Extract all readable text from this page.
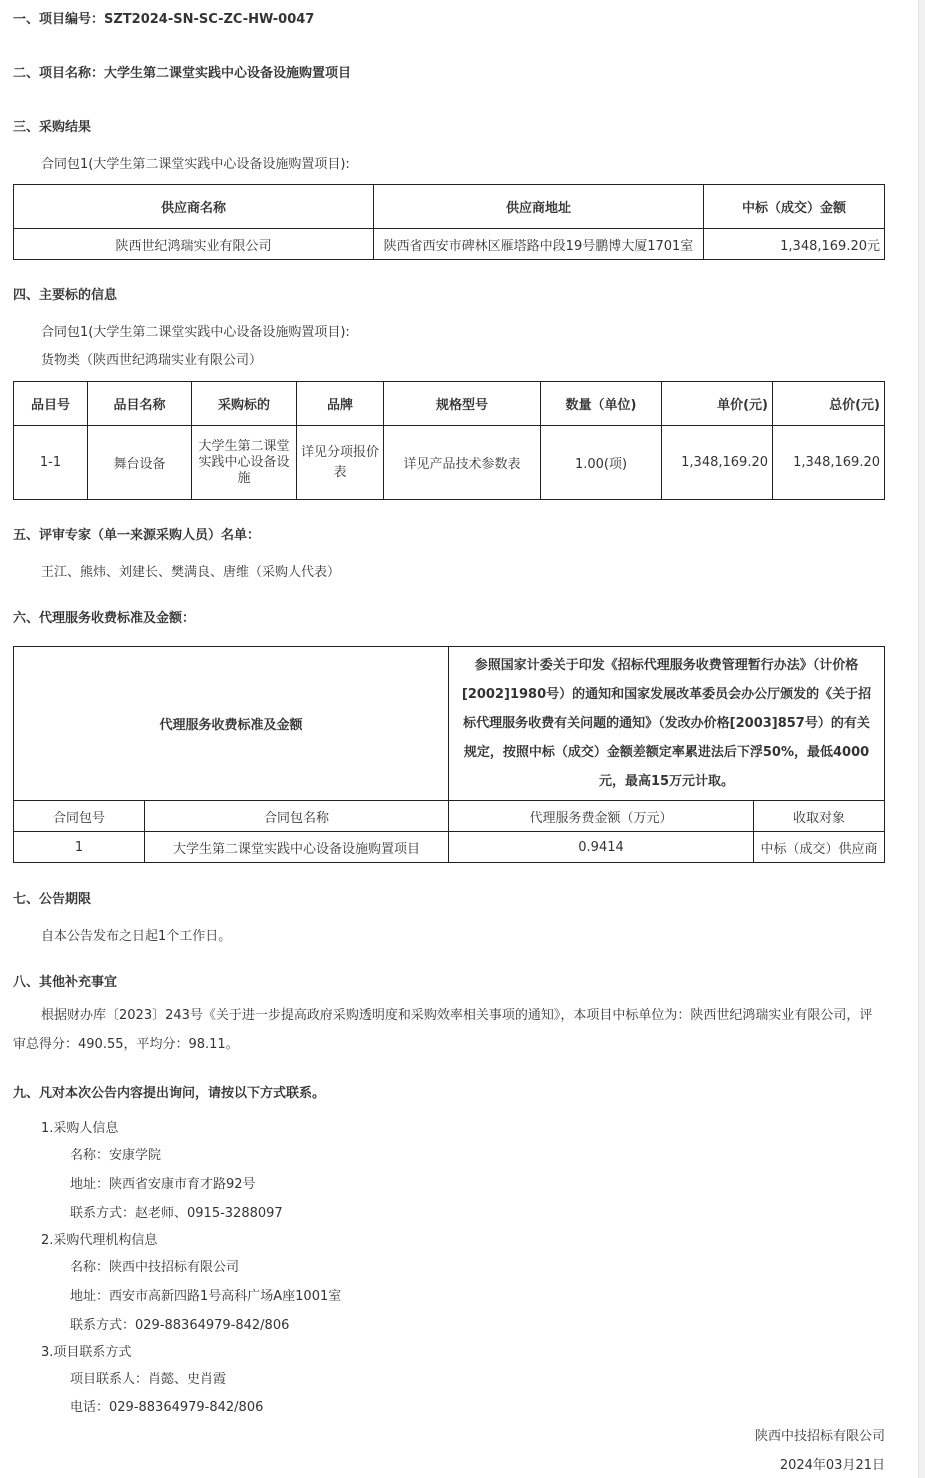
一、项目编号：SZT2024-SN-SC-ZC-HW-0047
二、项目名称：大学生第二课堂实践中心设备设施购置项目
三、采购结果
合同包1(大学生第二课堂实践中心设备设施购置项目):
供应商名称	供应商地址	中标（成交）金额
陕西世纪鸿瑞实业有限公司	陕西省西安市碑林区雁塔路中段19号鹏博大厦1701室	1,348,169.20元
四、主要标的信息
合同包1(大学生第二课堂实践中心设备设施购置项目):
货物类（陕西世纪鸿瑞实业有限公司）
品目号	品目名称	采购标的	品牌	规格型号	数量（单位)	单价(元)	总价(元)
1-1	舞台设备	大学生第二课堂实践中心设备设施	详见分项报价表	详见产品技术参数表	1.00(项)	1,348,169.20	1,348,169.20
五、评审专家（单一来源采购人员）名单：
王江、熊炜、刘建长、樊满良、唐维（采购人代表）
六、代理服务收费标准及金额：
代理服务收费标准及金额		参照国家计委关于印发《招标代理服务收费管理暂行办法》（计价格[2002]1980号）的通知和国家发展改革委员会办公厅颁发的《关于招标代理服务收费有关问题的通知》（发改办价格[2003]857号）的有关规定，按照中标（成交）金额差额定率累进法后下浮50%，最低4000元，最高15万元计取。	
合同包号	合同包名称	代理服务费金额（万元）	收取对象
1	大学生第二课堂实践中心设备设施购置项目	0.9414	中标（成交）供应商
七、公告期限
自本公告发布之日起1个工作日。
八、其他补充事宜
根据财办库〔2023〕243号《关于进一步提高政府采购透明度和采购效率相关事项的通知》，本项目中标单位为：陕西世纪鸿瑞实业有限公司，评审总得分：490.55，平均分：98.11。
九、凡对本次公告内容提出询问，请按以下方式联系。
1.采购人信息
名称：安康学院
地址：陕西省安康市育才路92号
联系方式：赵老师、0915-3288097
2.采购代理机构信息
名称：陕西中技招标有限公司
地址：西安市高新四路1号高科广场A座1001室
联系方式：029-88364979-842/806
3.项目联系方式
项目联系人：肖懿、史肖霞
电话：029-88364979-842/806
陕西中技招标有限公司
2024年03月21日
